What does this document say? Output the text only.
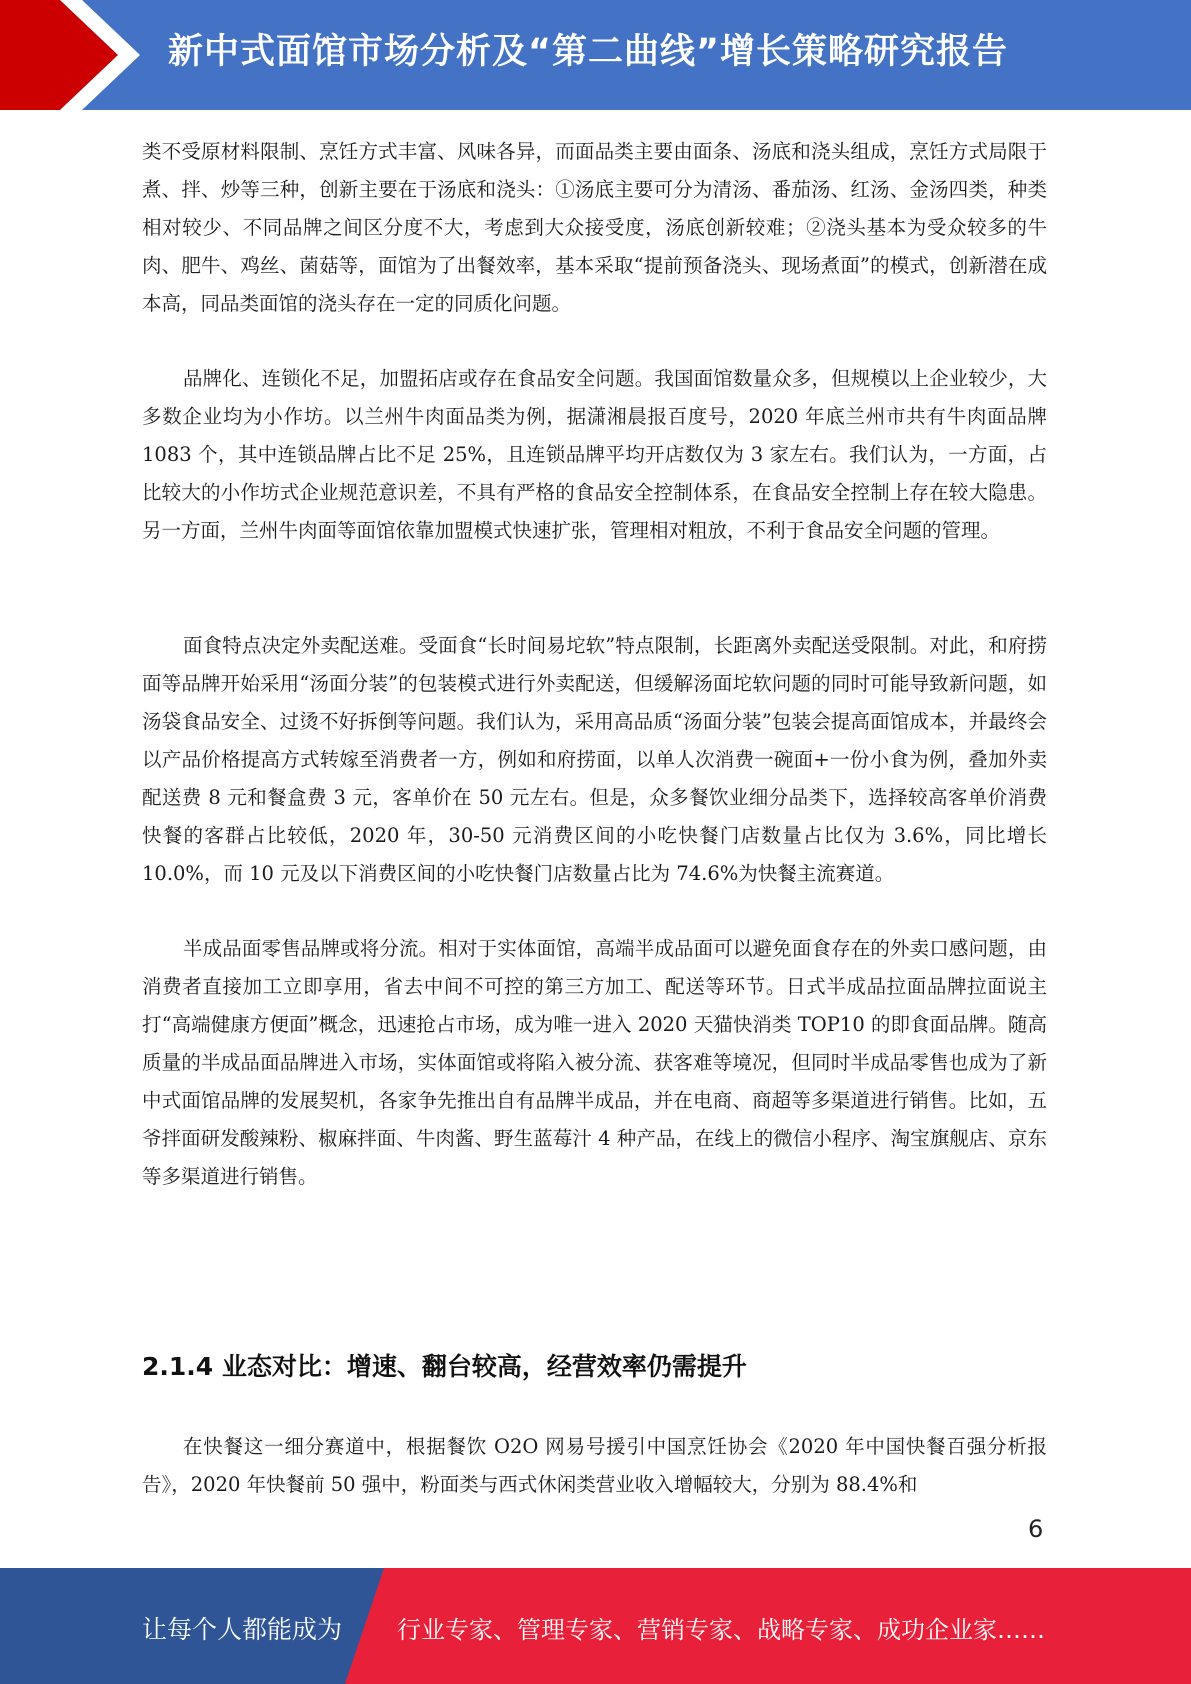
新中式面馆市场分析及“第二曲线”增长策略研究报告

类不受原材料限制、烹饪方式丰富、风味各异，而面品类主要由面条、汤底和浇头组成，烹饪方式局限于煮、拌、炒等三种，创新主要在于汤底和浇头：①汤底主要可分为清汤、番茄汤、红汤、金汤四类，种类相对较少、不同品牌之间区分度不大，考虑到大众接受度，汤底创新较难；②浇头基本为受众较多的牛肉、肥牛、鸡丝、菌菇等，面馆为了出餐效率，基本采取“提前预备浇头、现场煮面”的模式，创新潜在成本高，同品类面馆的浇头存在一定的同质化问题。

品牌化、连锁化不足，加盟拓店或存在食品安全问题。我国面馆数量众多，但规模以上企业较少，大多数企业均为小作坊。以兰州牛肉面品类为例，据潇湘晨报百度号，2020 年底兰州市共有牛肉面品牌 1083 个，其中连锁品牌占比不足 25%，且连锁品牌平均开店数仅为 3 家左右。我们认为，一方面，占比较大的小作坊式企业规范意识差，不具有严格的食品安全控制体系，在食品安全控制上存在较大隐患。另一方面，兰州牛肉面等面馆依靠加盟模式快速扩张，管理相对粗放，不利于食品安全问题的管理。

面食特点决定外卖配送难。受面食“长时间易坨软”特点限制，长距离外卖配送受限制。对此，和府捞面等品牌开始采用“汤面分装”的包装模式进行外卖配送，但缓解汤面坨软问题的同时可能导致新问题，如汤袋食品安全、过烫不好拆倒等问题。我们认为，采用高品质“汤面分装”包装会提高面馆成本，并最终会以产品价格提高方式转嫁至消费者一方，例如和府捞面，以单人次消费一碗面+一份小食为例，叠加外卖配送费 8 元和餐盒费 3 元，客单价在 50 元左右。但是，众多餐饮业细分品类下，选择较高客单价消费快餐的客群占比较低，2020 年，30-50 元消费区间的小吃快餐门店数量占比仅为 3.6%，同比增长 10.0%，而 10 元及以下消费区间的小吃快餐门店数量占比为 74.6%为快餐主流赛道。

半成品面零售品牌或将分流。相对于实体面馆，高端半成品面可以避免面食存在的外卖口感问题，由消费者直接加工立即享用，省去中间不可控的第三方加工、配送等环节。日式半成品拉面品牌拉面说主打“高端健康方便面”概念，迅速抢占市场，成为唯一进入 2020 天猫快消类 TOP10 的即食面品牌。随高质量的半成品面品牌进入市场，实体面馆或将陷入被分流、获客难等境况，但同时半成品零售也成为了新中式面馆品牌的发展契机，各家争先推出自有品牌半成品，并在电商、商超等多渠道进行销售。比如，五爷拌面研发酸辣粉、椒麻拌面、牛肉酱、野生蓝莓汁 4 种产品，在线上的微信小程序、淘宝旗舰店、京东等多渠道进行销售。

2.1.4 业态对比：增速、翻台较高，经营效率仍需提升

在快餐这一细分赛道中，根据餐饮 O2O 网易号援引中国烹饪协会《2020 年中国快餐百强分析报告》，2020 年快餐前 50 强中，粉面类与西式休闲类营业收入增幅较大，分别为 88.4%和

6
让每个人都能成为 行业专家、管理专家、营销专家、战略专家、成功企业家……
